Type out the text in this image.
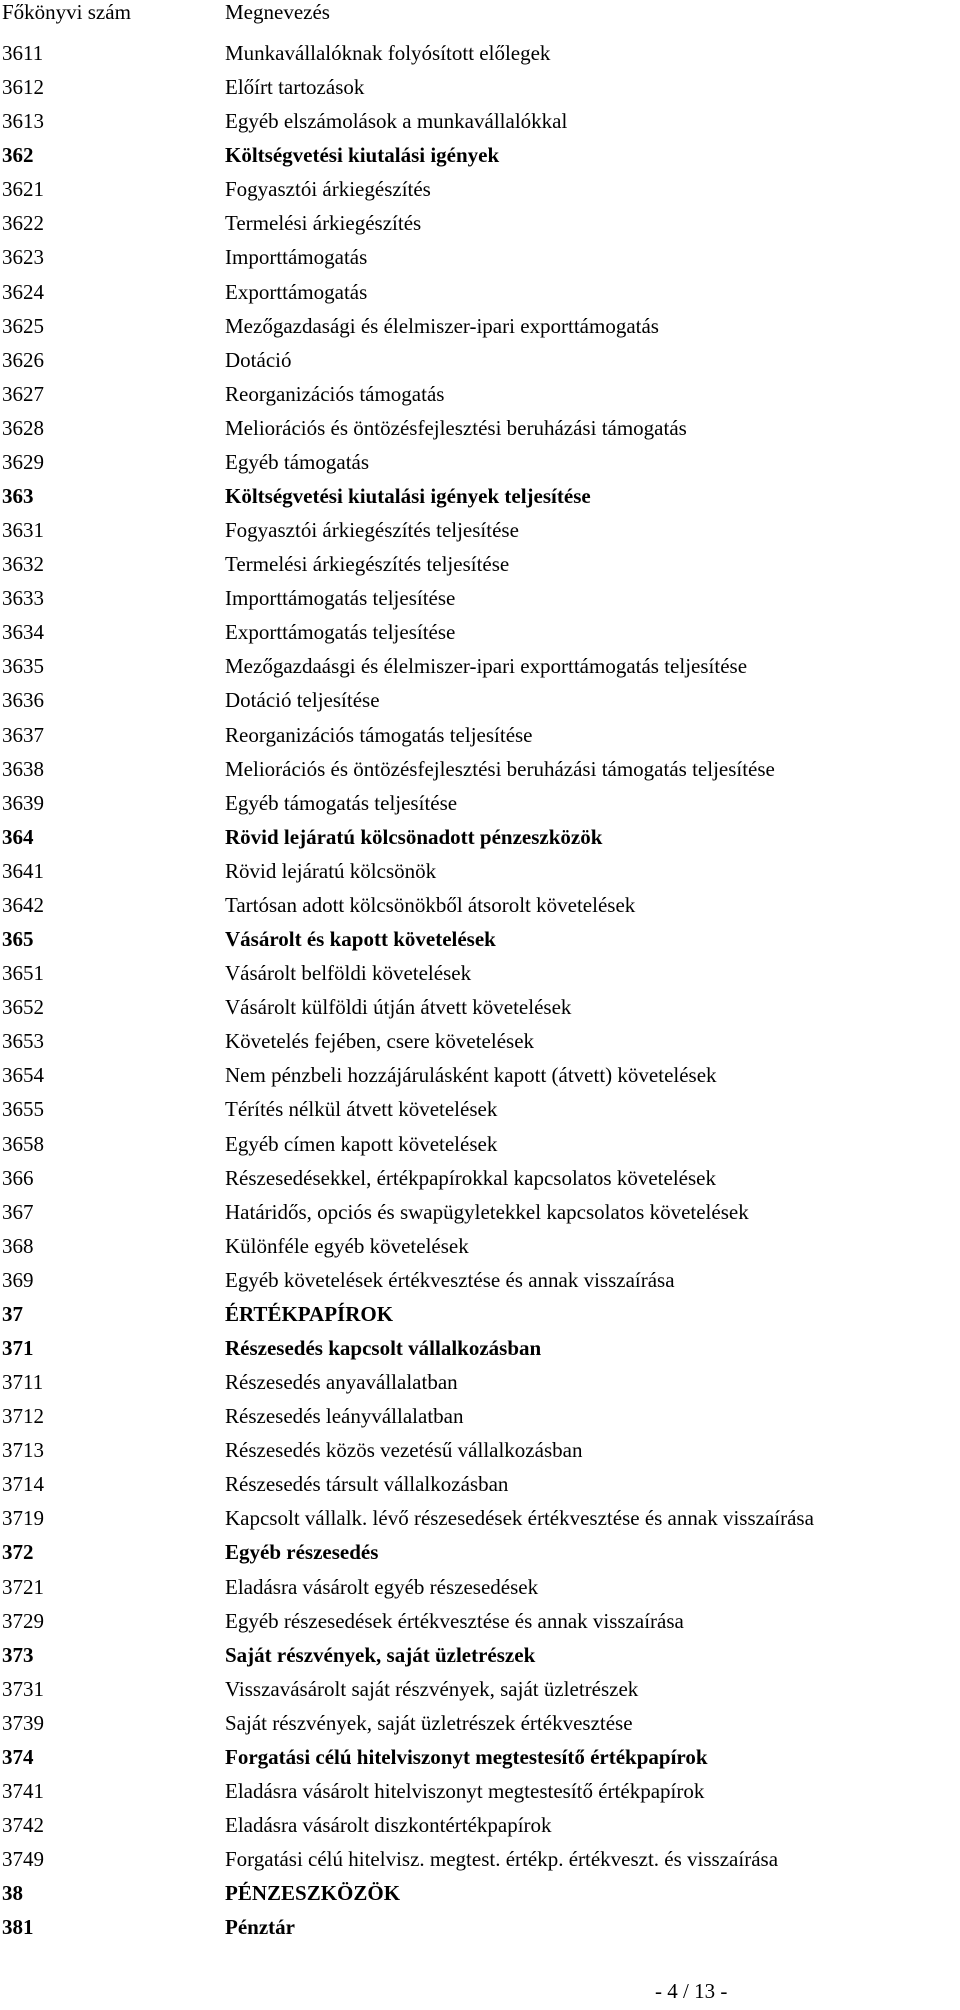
Főkönyvi szám	Megnevezés
3611	Munkavállalóknak folyósított előlegek
3612	Előírt tartozások
3613	Egyéb elszámolások a munkavállalókkal
362	Költségvetési kiutalási igények
3621	Fogyasztói árkiegészítés
3622	Termelési árkiegészítés
3623	Importtámogatás
3624	Exporttámogatás
3625	Mezőgazdasági és élelmiszer-ipari exporttámogatás
3626	Dotáció
3627	Reorganizációs támogatás
3628	Meliorációs és öntözésfejlesztési beruházási támogatás
3629	Egyéb támogatás
363	Költségvetési kiutalási igények teljesítése
3631	Fogyasztói árkiegészítés teljesítése
3632	Termelési árkiegészítés teljesítése
3633	Importtámogatás teljesítése
3634	Exporttámogatás teljesítése
3635	Mezőgazdaásgi és élelmiszer-ipari exporttámogatás teljesítése
3636	Dotáció teljesítése
3637	Reorganizációs támogatás teljesítése
3638	Meliorációs és öntözésfejlesztési beruházási támogatás teljesítése
3639	Egyéb támogatás teljesítése
364	Rövid lejáratú kölcsönadott pénzeszközök
3641	Rövid lejáratú kölcsönök
3642	Tartósan adott kölcsönökből átsorolt követelések
365	Vásárolt és kapott követelések
3651	Vásárolt belföldi követelések
3652	Vásárolt külföldi útján átvett követelések
3653	Követelés fejében, csere követelések
3654	Nem pénzbeli hozzájárulásként kapott (átvett) követelések
3655	Térítés nélkül átvett követelések
3658	Egyéb címen kapott követelések
366	Részesedésekkel, értékpapírokkal kapcsolatos követelések
367	Határidős, opciós és swapügyletekkel kapcsolatos követelések
368	Különféle egyéb követelések
369	Egyéb követelések értékvesztése és annak visszaírása
37	ÉRTÉKPAPÍROK
371	Részesedés kapcsolt vállalkozásban
3711	Részesedés anyavállalatban
3712	Részesedés leányvállalatban
3713	Részesedés közös vezetésű vállalkozásban
3714	Részesedés társult vállalkozásban
3719	Kapcsolt vállalk. lévő részesedések értékvesztése és annak visszaírása
372	Egyéb részesedés
3721	Eladásra vásárolt egyéb részesedések
3729	Egyéb részesedések értékvesztése és annak visszaírása
373	Saját részvények, saját üzletrészek
3731	Visszavásárolt saját részvények, saját üzletrészek
3739	Saját részvények, saját üzletrészek értékvesztése
374	Forgatási célú hitelviszonyt megtestesítő értékpapírok
3741	Eladásra vásárolt hitelviszonyt megtestesítő értékpapírok
3742	Eladásra vásárolt diszkontértékpapírok
3749	Forgatási célú hitelvisz. megtest. értékp. értékveszt. és visszaírása
38	PÉNZESZKÖZÖK
381	Pénztár
- 4 / 13 -
